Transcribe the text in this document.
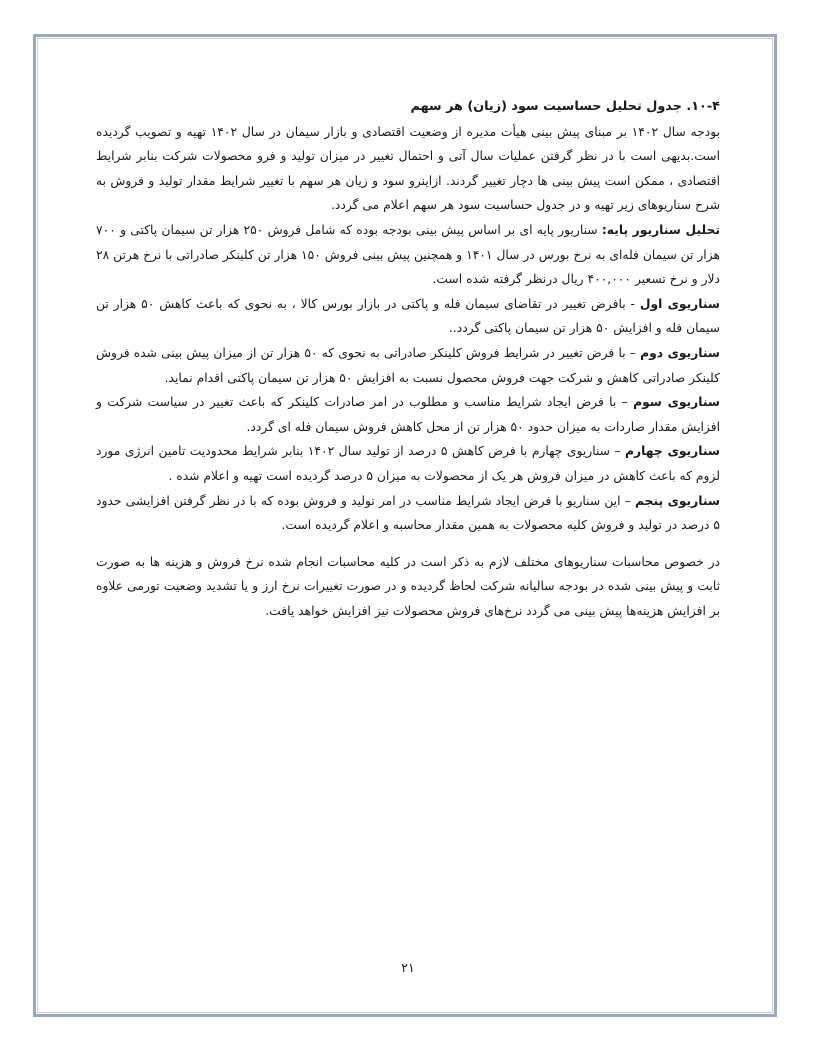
۱۰-۴. جدول تحلیل حساسیت سود (زیان) هر سهم

بودجه سال ۱۴۰۲ بر مبنای پیش بینی هیأت مدیره از وضعیت اقتصادی و بازار سیمان در سال ۱۴۰۲ تهیه و تصویب گردیده است.بدیهی است با در نظر گرفتن عملیات سال آتی و احتمال تغییر در میزان تولید و فرو محصولات شرکت بنابر شرایط اقتصادی ، ممکن است پیش بینی ها دچار تغییر گردند. ازاینرو سود و زیان هر سهم با تغییر شرایط مقدار تولید و فروش به شرح سناریوهای زیر تهیه و در جدول حساسیت سود هر سهم اعلام می گردد.

تحلیل سناریور پایه: سناریور پایه ای بر اساس پیش بینی بودجه بوده که شامل فروش ۲۵۰ هزار تن سیمان پاکتی و ۷۰۰ هزار تن سیمان فله‌ای به نرخ بورس در سال ۱۴۰۱ و همچنین پیش بینی فروش ۱۵۰ هزار تن کلینکر صادراتی با نرخ هرتن ۲۸ دلار و نرخ تسعیر ۴۰۰,۰۰۰ ریال درنظر گرفته شده است.

سناریوی اول - بافرض تغییر در تقاضای سیمان فله و پاکتی در بازار بورس کالا ، به نحوی که باعث کاهش ۵۰ هزار تن سیمان فله و افزایش ۵۰ هزار تن سیمان پاکتی گردد..

سناریوی دوم – با فرض تغییر در شرایط فروش کلینکر صادراتی به نحوی که ۵۰ هزار تن از میزان پیش بینی شده فروش کلینکر صادراتی کاهش و شرکت جهت فروش محصول نسبت به افزایش ۵۰ هزار تن سیمان پاکتی اقدام نماید.

سناریوی سوم – با فرض ایجاد شرایط مناسب و مطلوب در امر صادرات کلینکر که باعث تغییر در سیاست شرکت و افزایش مقدار صاردات به میزان حدود ۵۰ هزار تن از محل کاهش فروش سیمان فله ای گردد.

سناریوی چهارم – سناریوی چهارم با فرض کاهش ۵ درصد از تولید سال ۱۴۰۲ بنابر شرایط محدودیت تامین انرژی مورد لزوم که باعث کاهش در میزان فروش هر یک از محصولات به میزان ۵ درصد گردیده است تهیه و اعلام شده .

سناریوی پنجم – این سناریو با فرض ایجاد شرایط مناسب در امر تولید و فروش بوده که با در نظر گرفتن افزایشی حدود ۵ درصد در تولید و فروش کلیه محصولات به همین مقدار محاسبه و اعلام گردیده است.

در خصوص محاسبات سناریوهای مختلف لازم به ذکر است در کلیه محاسبات انجام شده نرخ فروش و هزینه ها به صورت ثابت و پیش بینی شده در بودجه سالیانه شرکت لحاظ گردیده و در صورت تغییرات نرخ ارز و یا تشدید وضعیت تورمی علاوه بر افزایش هزینه‌ها پیش بینی می گردد نرخ‌های فروش محصولات نیز افزایش خواهد یافت.

۲۱
